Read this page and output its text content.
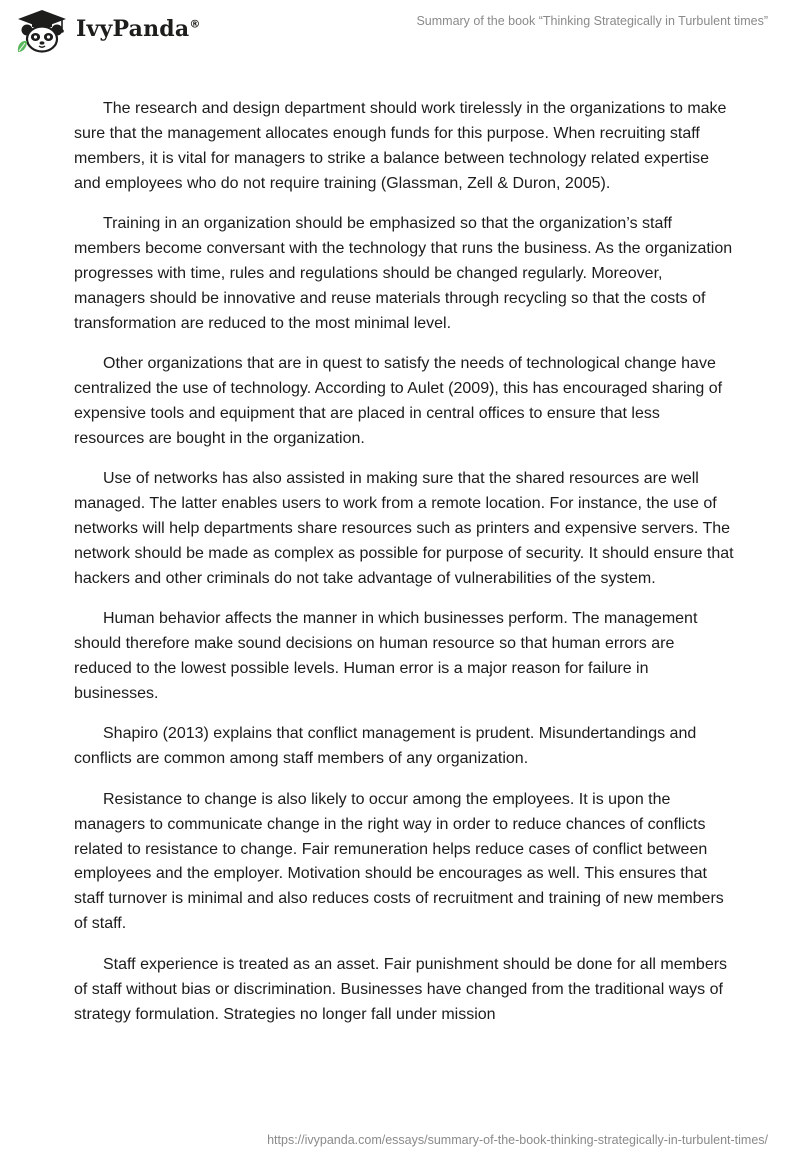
IvyPanda®	Summary of the book “Thinking Strategically in Turbulent times”

The research and design department should work tirelessly in the organizations to make sure that the management allocates enough funds for this purpose. When recruiting staff members, it is vital for managers to strike a balance between technology related expertise and employees who do not require training (Glassman, Zell & Duron, 2005).

Training in an organization should be emphasized so that the organization’s staff members become conversant with the technology that runs the business. As the organization progresses with time, rules and regulations should be changed regularly. Moreover, managers should be innovative and reuse materials through recycling so that the costs of transformation are reduced to the most minimal level.

Other organizations that are in quest to satisfy the needs of technological change have centralized the use of technology. According to Aulet (2009), this has encouraged sharing of expensive tools and equipment that are placed in central offices to ensure that less resources are bought in the organization.

Use of networks has also assisted in making sure that the shared resources are well managed. The latter enables users to work from a remote location. For instance, the use of networks will help departments share resources such as printers and expensive servers. The network should be made as complex as possible for purpose of security. It should ensure that hackers and other criminals do not take advantage of vulnerabilities of the system.

Human behavior affects the manner in which businesses perform. The management should therefore make sound decisions on human resource so that human errors are reduced to the lowest possible levels. Human error is a major reason for failure in businesses.

Shapiro (2013) explains that conflict management is prudent. Misundertandings and conflicts are common among staff members of any organization.

Resistance to change is also likely to occur among the employees. It is upon the managers to communicate change in the right way in order to reduce chances of conflicts related to resistance to change. Fair remuneration helps reduce cases of conflict between employees and the employer. Motivation should be encourages as well. This ensures that staff turnover is minimal and also reduces costs of recruitment and training of new members of staff.

Staff experience is treated as an asset. Fair punishment should be done for all members of staff without bias or discrimination. Businesses have changed from the traditional ways of strategy formulation. Strategies no longer fall under mission

https://ivypanda.com/essays/summary-of-the-book-thinking-strategically-in-turbulent-times/
